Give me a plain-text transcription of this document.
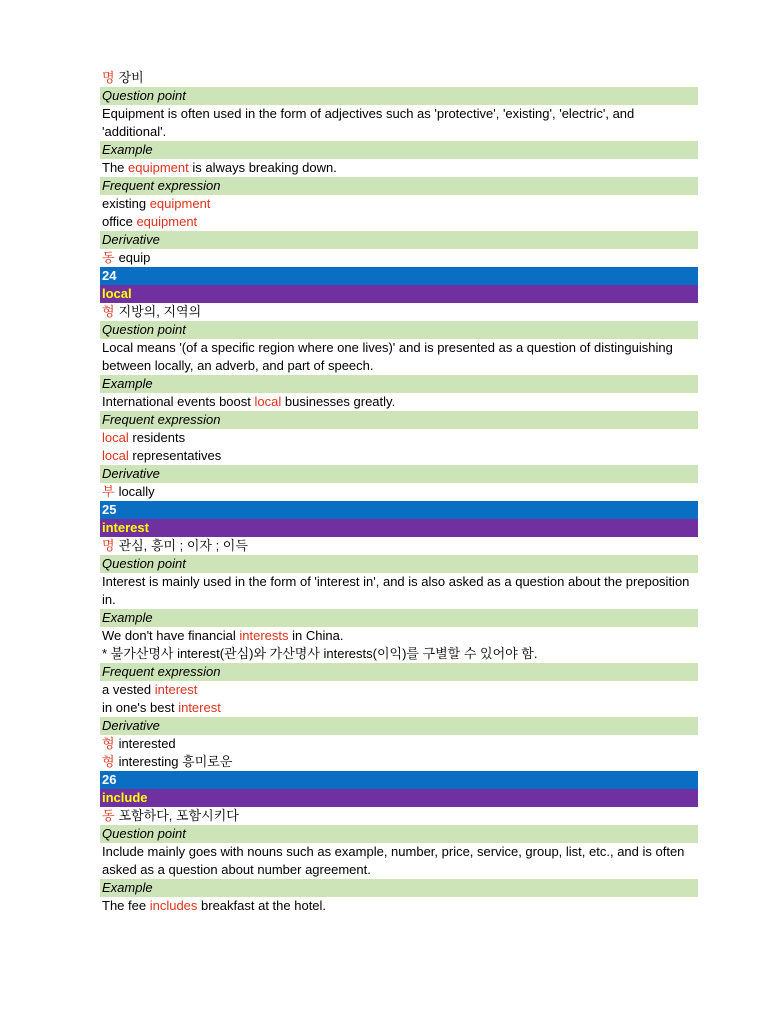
명 장비
Question point
Equipment is often used in the form of adjectives such as 'protective', 'existing', 'electric', and 'additional'.
Example
The equipment is always breaking down.
Frequent expression
existing equipment
office equipment
Derivative
동 equip
24
local
형 지방의, 지역의
Question point
Local means '(of a specific region where one lives)' and is presented as a question of distinguishing between locally, an adverb, and part of speech.
Example
International events boost local businesses greatly.
Frequent expression
local residents
local representatives
Derivative
부 locally
25
interest
명 관심, 흥미 ; 이자 ; 이득
Question point
Interest is mainly used in the form of 'interest in', and is also asked as a question about the preposition in.
Example
We don't have financial interests in China.
* 불가산명사 interest(관심)와 가산명사 interests(이익)를 구별할 수 있어야 함.
Frequent expression
a vested interest
in one's best interest
Derivative
형 interested
형 interesting 흥미로운
26
include
동 포함하다, 포함시키다
Question point
Include mainly goes with nouns such as example, number, price, service, group, list, etc., and is often asked as a question about number agreement.
Example
The fee includes breakfast at the hotel.
